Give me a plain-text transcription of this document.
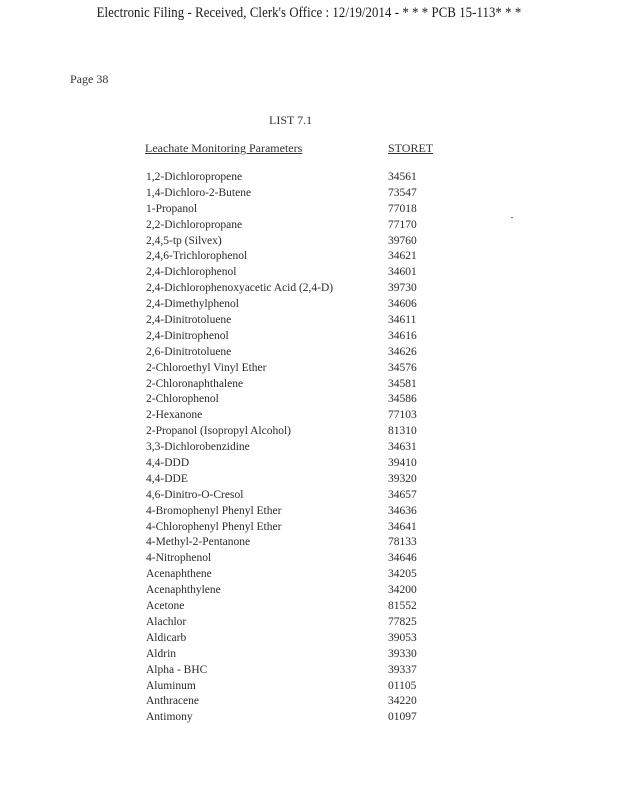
Electronic Filing - Received, Clerk's Office : 12/19/2014 - * * * PCB 15-113* * *
Page 38
LIST 7.1
Leachate Monitoring Parameters	STORET
1,2-Dichloropropene	34561
1,4-Dichloro-2-Butene	73547
1-Propanol	77018
2,2-Dichloropropane	77170
2,4,5-tp (Silvex)	39760
2,4,6-Trichlorophenol	34621
2,4-Dichlorophenol	34601
2,4-Dichlorophenoxyacetic Acid (2,4-D)	39730
2,4-Dimethylphenol	34606
2,4-Dinitrotoluene	34611
2,4-Dinitrophenol	34616
2,6-Dinitrotoluene	34626
2-Chloroethyl Vinyl Ether	34576
2-Chloronaphthalene	34581
2-Chlorophenol	34586
2-Hexanone	77103
2-Propanol (Isopropyl Alcohol)	81310
3,3-Dichlorobenzidine	34631
4,4-DDD	39410
4,4-DDE	39320
4,6-Dinitro-O-Cresol	34657
4-Bromophenyl Phenyl Ether	34636
4-Chlorophenyl Phenyl Ether	34641
4-Methyl-2-Pentanone	78133
4-Nitrophenol	34646
Acenaphthene	34205
Acenaphthylene	34200
Acetone	81552
Alachlor	77825
Aldicarb	39053
Aldrin	39330
Alpha - BHC	39337
Aluminum	01105
Anthracene	34220
Antimony	01097
